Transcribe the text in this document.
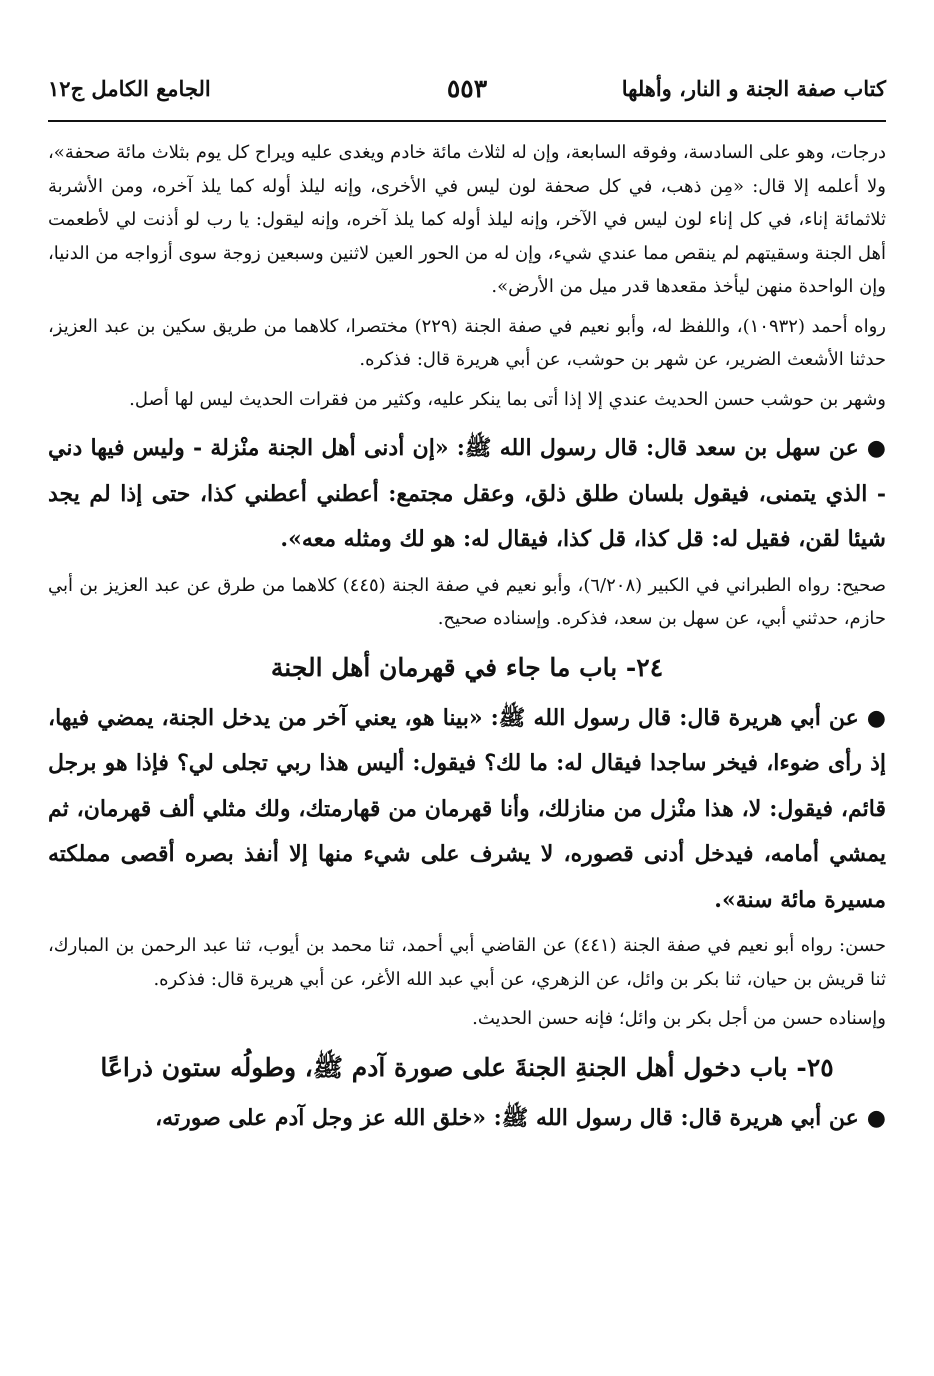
كتاب صفة الجنة و النار، وأهلها
٥٥٣
الجامع الكامل ج١٢

درجات، وهو على السادسة، وفوقه السابعة، وإن له لثلاث مائة خادم ويغدى عليه ويراح كل يوم بثلاث مائة صحفة»، ولا أعلمه إلا قال: «مِن ذهب، في كل صحفة لون ليس في الأخرى، وإنه ليلذ أوله كما يلذ آخره، ومن الأشربة ثلاثمائة إناء، في كل إناء لون ليس في الآخر، وإنه ليلذ أوله كما يلذ آخره، وإنه ليقول: يا رب لو أذنت لي لأطعمت أهل الجنة وسقيتهم لم ينقص مما عندي شيء، وإن له من الحور العين لاثنين وسبعين زوجة سوى أزواجه من الدنيا، وإن الواحدة منهن ليأخذ مقعدها قدر ميل من الأرض».

رواه أحمد (١٠٩٣٢)، واللفظ له، وأبو نعيم في صفة الجنة (٢٢٩) مختصرا، كلاهما من طريق سكين بن عبد العزيز، حدثنا الأشعث الضرير، عن شهر بن حوشب، عن أبي هريرة قال: فذكره.

وشهر بن حوشب حسن الحديث عندي إلا إذا أتى بما ينكر عليه، وكثير من فقرات الحديث ليس لها أصل.

●عن سهل بن سعد قال: قال رسول الله ﷺ: «إن أدنى أهل الجنة منْزلة - وليس فيها دني - الذي يتمنى، فيقول بلسان طلق ذلق، وعقل مجتمع: أعطني أعطني كذا، حتى إذا لم يجد شيئا لقن، فقيل له: قل كذا، قل كذا، فيقال له: هو لك ومثله معه».

صحيح: رواه الطبراني في الكبير (٦/٢٠٨)، وأبو نعيم في صفة الجنة (٤٤٥) كلاهما من طرق عن عبد العزيز بن أبي حازم، حدثني أبي، عن سهل بن سعد، فذكره. وإسناده صحيح.

٢٤- باب ما جاء في قهرمان أهل الجنة

●عن أبي هريرة قال: قال رسول الله ﷺ: «بينا هو، يعني آخر من يدخل الجنة، يمضي فيها، إذ رأى ضوءا، فيخر ساجدا فيقال له: ما لك؟ فيقول: أليس هذا ربي تجلى لي؟ فإذا هو برجل قائم، فيقول: لا، هذا منْزل من منازلك، وأنا قهرمان من قهارمتك، ولك مثلي ألف قهرمان، ثم يمشي أمامه، فيدخل أدنى قصوره، لا يشرف على شيء منها إلا أنفذ بصره أقصى مملكته مسيرة مائة سنة».

حسن: رواه أبو نعيم في صفة الجنة (٤٤١) عن القاضي أبي أحمد، ثنا محمد بن أيوب، ثنا عبد الرحمن بن المبارك، ثنا قريش بن حيان، ثنا بكر بن وائل، عن الزهري، عن أبي عبد الله الأغر، عن أبي هريرة قال: فذكره.

وإسناده حسن من أجل بكر بن وائل؛ فإنه حسن الحديث.

٢٥- باب دخول أهل الجنةِ الجنةَ على صورة آدم ﷺ، وطولُه ستون ذراعًا

●عن أبي هريرة قال: قال رسول الله ﷺ: «خلق الله عز وجل آدم على صورته،
